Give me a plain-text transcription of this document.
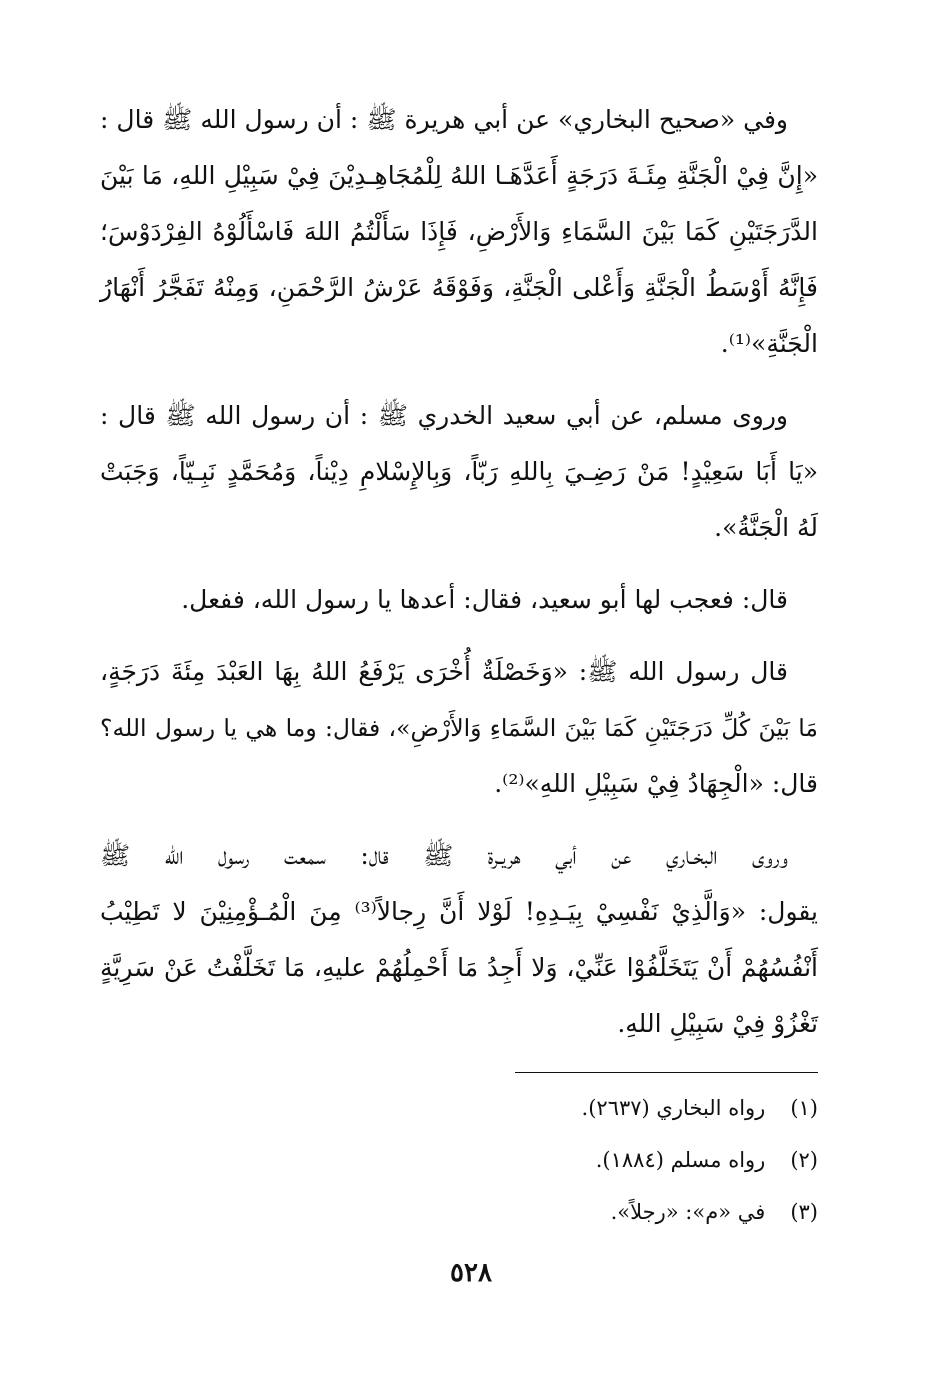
وفي «صحيح البخاري» عن أبي هريرة ﷺ : أن رسول الله ﷺ قال :
«إِنَّ فِيْ الْجَنَّةِ مِئَـةَ دَرَجَةٍ أَعَدَّهَـا اللهُ لِلْمُجَاهِـدِيْنَ فِيْ سَبِيْلِ اللهِ، مَا بَيْنَ
الدَّرَجَتَيْنِ كَمَا بَيْنَ السَّمَاءِ وَالأَرْضِ، فَإِذَا سَأَلْتُمُ اللهَ فَاسْأَلُوْهُ الفِرْدَوْسَ؛
فَإِنَّهُ أَوْسَطُ الْجَنَّةِ وَأَعْلى الْجَنَّةِ، وَفَوْقَهُ عَرْشُ الرَّحْمَنِ، وَمِنْهُ تَفَجَّرُ أَنْهَارُ
الْجَنَّةِ»⁽¹⁾.
وروى مسلم، عن أبي سعيد الخدري ﷺ : أن رسول الله ﷺ قال :
«يَا أَبَا سَعِيْدٍ! مَنْ رَضِـيَ بِاللهِ رَبّاً، وَبِالإِسْلامِ دِيْناً، وَمُحَمَّدٍ نَبِـيّاً، وَجَبَتْ
لَهُ الْجَنَّةُ».
قال: فعجب لها أبو سعيد، فقال: أعدها يا رسول الله، ففعل.
قال رسول الله ﷺ: «وَخَصْلَةٌ أُخْرَى يَرْفَعُ اللهُ بِهَا العَبْدَ مِئَةَ دَرَجَةٍ،
مَا بَيْنَ كُلِّ دَرَجَتَيْنِ كَمَا بَيْنَ السَّمَاءِ وَالأَرْضِ»، فقال: وما هي يا رسول الله؟
قال: «الْجِهَادُ فِيْ سَبِيْلِ اللهِ»⁽²⁾.
وروى البخـاري عن أبي هريـرة ﷺ قال: سمعت رسول الله ﷺ
يقول: «وَالَّذِيْ نَفْسِيْ بِيَـدِهِ! لَوْلا أَنَّ رِجالاً⁽³⁾ مِنَ الْمُـؤْمِنِيْنَ لا تَطِيْبُ
أَنْفُسُهُمْ أَنْ يَتَخَلَّفُوْا عَنِّيْ، وَلا أَجِدُ مَا أَحْمِلُهُمْ عليهِ، مَا تَخَلَّفْتُ عَنْ سَرِيَّةٍ
تَغْزُوْ فِيْ سَبِيْلِ اللهِ.
(١) رواه البخاري (٢٦٣٧).
(٢) رواه مسلم (١٨٨٤).
(٣) في «م»: «رجلاً».
٥٢٨
